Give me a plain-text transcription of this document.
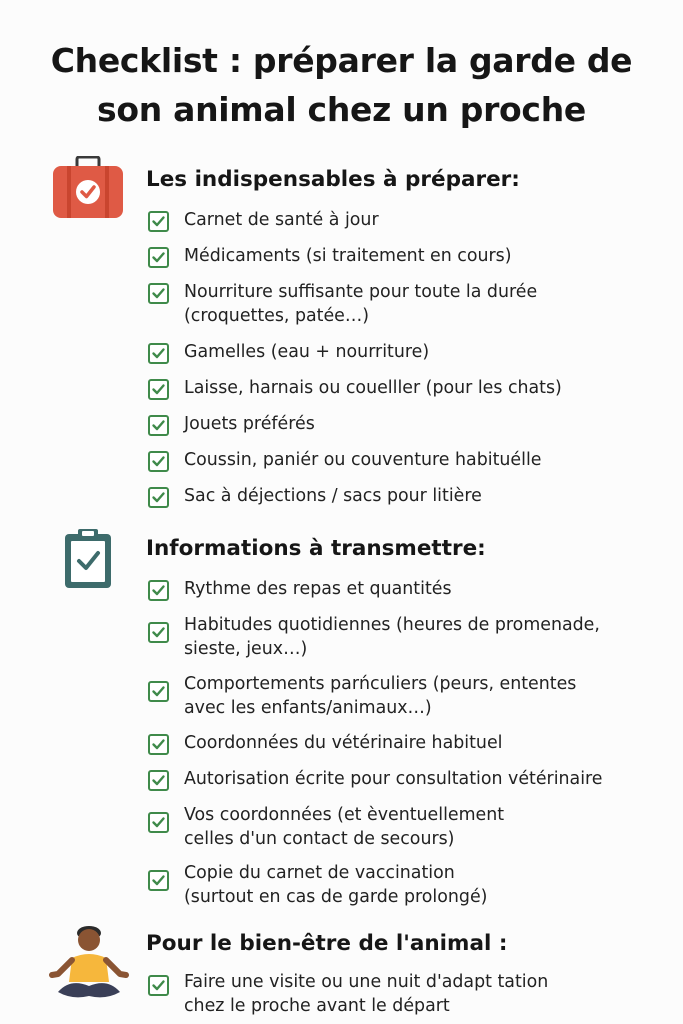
Checklist : préparer la garde de
son animal chez un proche
Les indispensables à préparer:
Carnet de santé à jour
Médicaments (si traitement en cours)
Nourriture suffisante pour toute la durée
(croquettes, patée…)
Gamelles (eau + nourriture)
Laisse, harnais ou couelller (pour les chats)
Jouets préférés
Coussin, paniér ou couventure habituélle
Sac à déjections / sacs pour litière
Informations à transmettre:
Rythme des repas et quantités
Habitudes quotidiennes (heures de promenade,
sieste, jeux…)
Comportements parńculiers (peurs, ententes
avec les enfants/animaux…)
Coordonnées du vétérinaire habituel
Autorisation écrite pour consultation vétérinaire
Vos coordonnées (et èventuellement
celles d'un contact de secours)
Copie du carnet de vaccination
(surtout en cas de garde prolongé)
Pour le bien-être de l'animal :
Faire une visite ou une nuit d'adapt tation
chez le proche avant le départ
